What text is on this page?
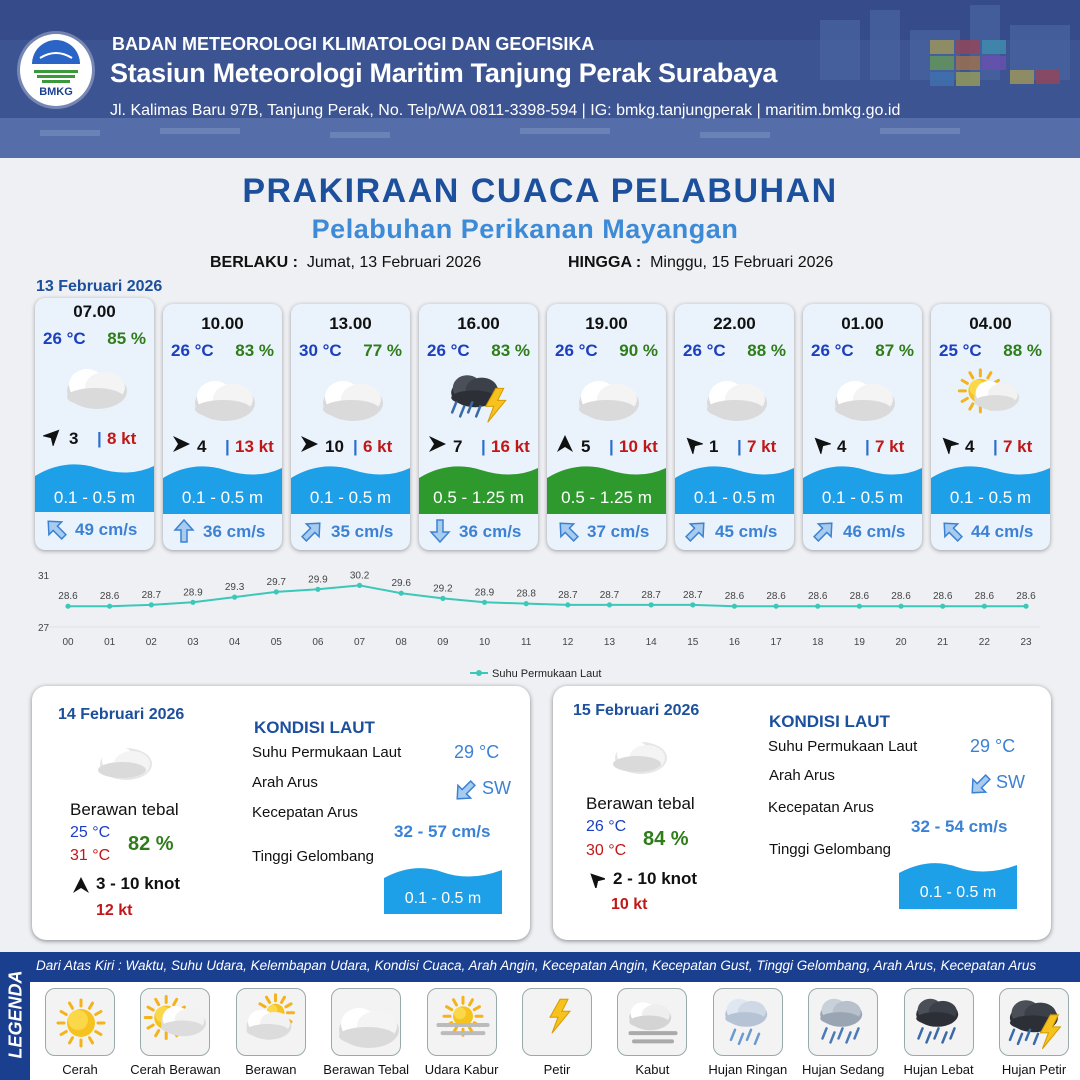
BMKG
BADAN METEOROLOGI KLIMATOLOGI DAN GEOFISIKA
Stasiun Meteorologi Maritim Tanjung Perak Surabaya
Jl. Kalimas Baru 97B, Tanjung Perak, No. Telp/WA 0811-3398-594 | IG: bmkg.tanjungperak | maritim.bmkg.go.id
PRAKIRAAN CUACA PELABUHAN
Pelabuhan Perikanan Mayangan
BERLAKU : Jumat, 13 Februari 2026	HINGGA : Minggu, 15 Februari 2026
13 Februari 2026
07.00
26 °C 85 %
3 | 8 kt
0.1 - 0.5 m
49 cm/s
10.00
26 °C 83 %
4 | 13 kt
0.1 - 0.5 m
36 cm/s
13.00
30 °C 77 %
10 | 6 kt
0.1 - 0.5 m
35 cm/s
16.00
26 °C 83 %
7 | 16 kt
0.5 - 1.25 m
36 cm/s
19.00
26 °C 90 %
5 | 10 kt
0.5 - 1.25 m
37 cm/s
22.00
26 °C 88 %
1 | 7 kt
0.1 - 0.5 m
45 cm/s
01.00
26 °C 87 %
4 | 7 kt
0.1 - 0.5 m
46 cm/s
04.00
25 °C 88 %
4 | 7 kt
0.1 - 0.5 m
44 cm/s
27
31
28.6
00
28.6
01
28.7
02
28.9
03
29.3
04
29.7
05
29.9
06
30.2
07
29.6
08
29.2
09
28.9
10
28.8
11
28.7
12
28.7
13
28.7
14
28.7
15
28.6
16
28.6
17
28.6
18
28.6
19
28.6
20
28.6
21
28.6
22
28.6
23
Suhu Permukaan Laut
14 Februari 2026
Berawan tebal
25 °C
31 °C
82 %
3 - 10 knot
12 kt
KONDISI LAUT
Suhu Permukaan Laut	29 °C
Arah Arus	SW
Kecepatan Arus
32 - 57 cm/s
Tinggi Gelombang
0.1 - 0.5 m
15 Februari 2026
Berawan tebal
26 °C
30 °C
84 %
2 - 10 knot
10 kt
KONDISI LAUT
Suhu Permukaan Laut	29 °C
Arah Arus	SW
Kecepatan Arus
32 - 54 cm/s
Tinggi Gelombang
0.1 - 0.5 m
LEGENDA
Dari Atas Kiri : Waktu, Suhu Udara, Kelembapan Udara, Kondisi Cuaca, Arah Angin, Kecepatan Angin, Kecepatan Gust, Tinggi Gelombang, Arah Arus, Kecepatan Arus
Cerah	Cerah Berawan	Berawan	Berawan Tebal	Udara Kabur	Petir	Kabut	Hujan Ringan	Hujan Sedang	Hujan Lebat	Hujan Petir
